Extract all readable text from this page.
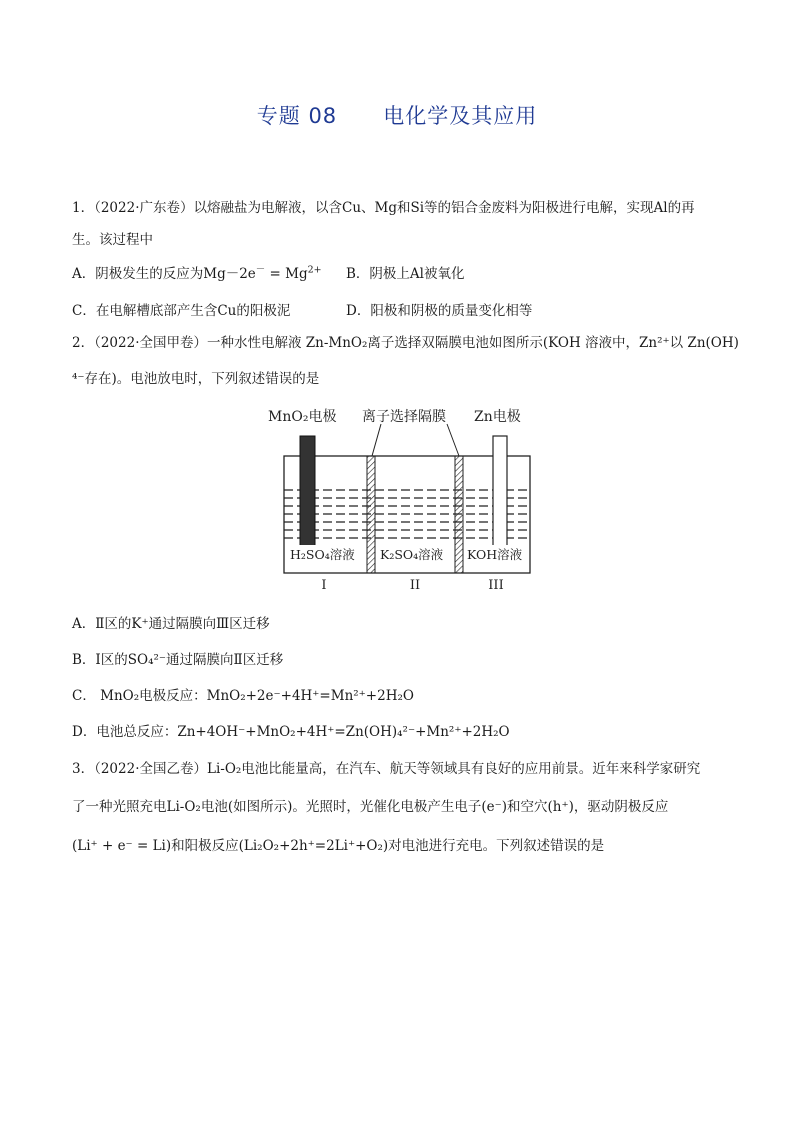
专题 08      电化学及其应用
1．（2022·广东卷）以熔融盐为电解液，以含Cu、Mg和Si等的铝合金废料为阳极进行电解，实现Al的再
生。该过程中
A．阴极发生的反应为$Mg-2e^- = Mg^{2+}$ B．阴极上Al被氧化
C．在电解槽底部产生含Cu的阳极泥	D．阳极和阴极的质量变化相等
2．（2022·全国甲卷）一种水性电解液 Zn-MnO₂离子选择双隔膜电池如图所示(KOH 溶液中，Zn²⁺以 Zn(OH)
⁴⁻存在)。电池放电时，下列叙述错误的是
MnO₂电极 离子选择隔膜 Zn电极
H₂SO₄溶液 K₂SO₄溶液 KOH溶液
I	II	III
A．Ⅱ区的K⁺通过隔膜向Ⅲ区迁移
B．Ⅰ区的SO₄²⁻通过隔膜向Ⅱ区迁移
C． MnO₂电极反应：MnO₂+2e⁻+4H⁺=Mn²⁺+2H₂O
D．电池总反应：Zn+4OH⁻+MnO₂+4H⁺=Zn(OH)₄²⁻+Mn²⁺+2H₂O
3．（2022·全国乙卷）Li-O₂电池比能量高，在汽车、航天等领域具有良好的应用前景。近年来科学家研究
了一种光照充电Li-O₂电池(如图所示)。光照时，光催化电极产生电子(e⁻)和空穴(h⁺)，驱动阴极反应
(Li⁺ + e⁻ = Li)和阳极反应(Li₂O₂+2h⁺=2Li⁺+O₂)对电池进行充电。下列叙述错误的是
